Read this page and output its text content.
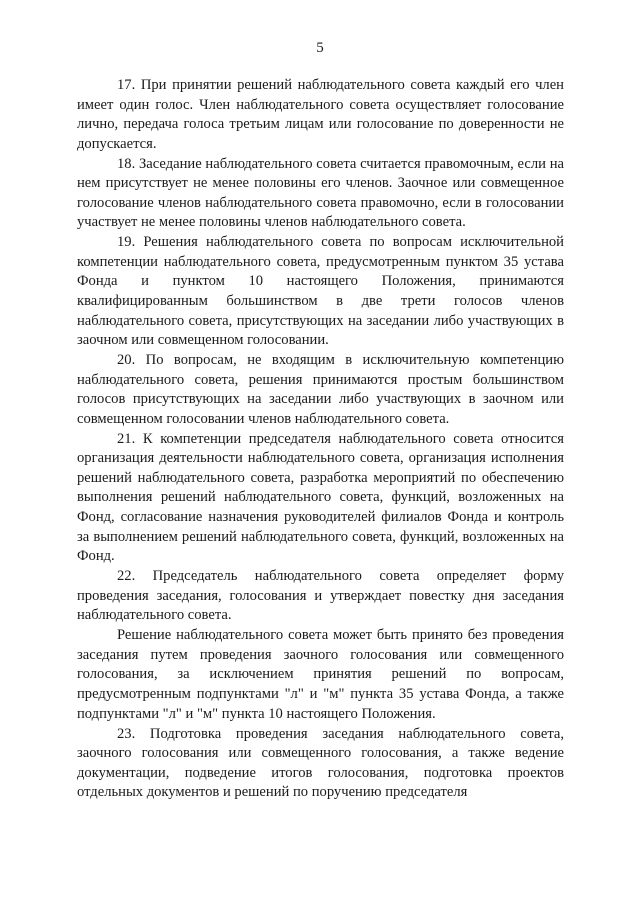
5

17. При принятии решений наблюдательного совета каждый его член имеет один голос. Член наблюдательного совета осуществляет голосование лично, передача голоса третьим лицам или голосование по доверенности не допускается.

18. Заседание наблюдательного совета считается правомочным, если на нем присутствует не менее половины его членов. Заочное или совмещенное голосование членов наблюдательного совета правомочно, если в голосовании участвует не менее половины членов наблюдательного совета.

19. Решения наблюдательного совета по вопросам исключительной компетенции наблюдательного совета, предусмотренным пунктом 35 устава Фонда и пунктом 10 настоящего Положения, принимаются квалифицированным большинством в две трети голосов членов наблюдательного совета, присутствующих на заседании либо участвующих в заочном или совмещенном голосовании.

20. По вопросам, не входящим в исключительную компетенцию наблюдательного совета, решения принимаются простым большинством голосов присутствующих на заседании либо участвующих в заочном или совмещенном голосовании членов наблюдательного совета.

21. К компетенции председателя наблюдательного совета относится организация деятельности наблюдательного совета, организация исполнения решений наблюдательного совета, разработка мероприятий по обеспечению выполнения решений наблюдательного совета, функций, возложенных на Фонд, согласование назначения руководителей филиалов Фонда и контроль за выполнением решений наблюдательного совета, функций, возложенных на Фонд.

22. Председатель наблюдательного совета определяет форму проведения заседания, голосования и утверждает повестку дня заседания наблюдательного совета.

Решение наблюдательного совета может быть принято без проведения заседания путем проведения заочного голосования или совмещенного голосования, за исключением принятия решений по вопросам, предусмотренным подпунктами "л" и "м" пункта 35 устава Фонда, а также подпунктами "л" и "м" пункта 10 настоящего Положения.

23. Подготовка проведения заседания наблюдательного совета, заочного голосования или совмещенного голосования, а также ведение документации, подведение итогов голосования, подготовка проектов отдельных документов и решений по поручению председателя
